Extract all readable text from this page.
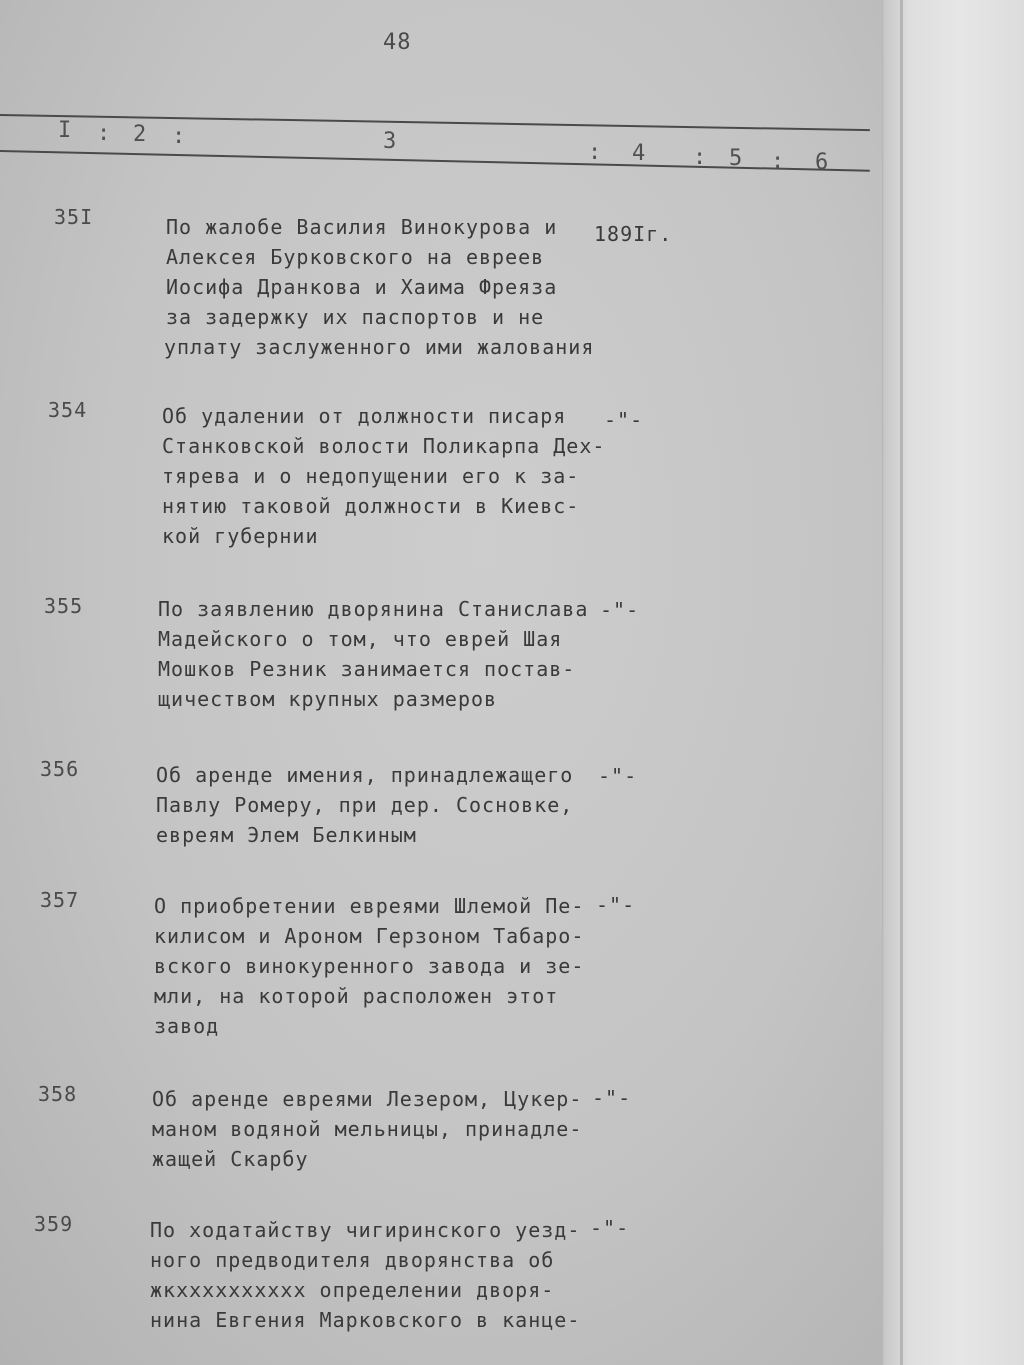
48
I : 2 :	3	: 4 : 5 : 6
35I	По жалобе Василия Винокурова и
Алексея Бурковского на евреев
Иосифа Дранкова и Хаима Фреяза
за задержку их паспортов и не
уплату заслуженного ими жалования
189Iг.
354	Об удалении от должности писаря
Станковской волости Поликарпа Дех-
тярева и о недопущении его к за-
нятию таковой должности в Киевс-
кой губернии
-"-
355	По заявлению дворянина Станислава
Мадейского о том, что еврей Шая
Мошков Резник занимается постав-
щичеством крупных размеров
-"-
356	Об аренде имения, принадлежащего
Павлу Ромеру, при дер. Сосновке,
евреям Элем Белкиным
-"-
357	О приобретении евреями Шлемой Пе-
килисом и Ароном Герзоном Табаро-
вского винокуренного завода и зе-
мли, на которой расположен этот
завод
-"-
358	Об аренде евреями Лезером, Цукер-
маном водяной мельницы, принадле-
жащей Скарбу
-"-
359	По ходатайству чигиринского уезд-
ного предводителя дворянства об
жкхххххххххх определении дворя-
нина Евгения Марковского в канце-
-"-
